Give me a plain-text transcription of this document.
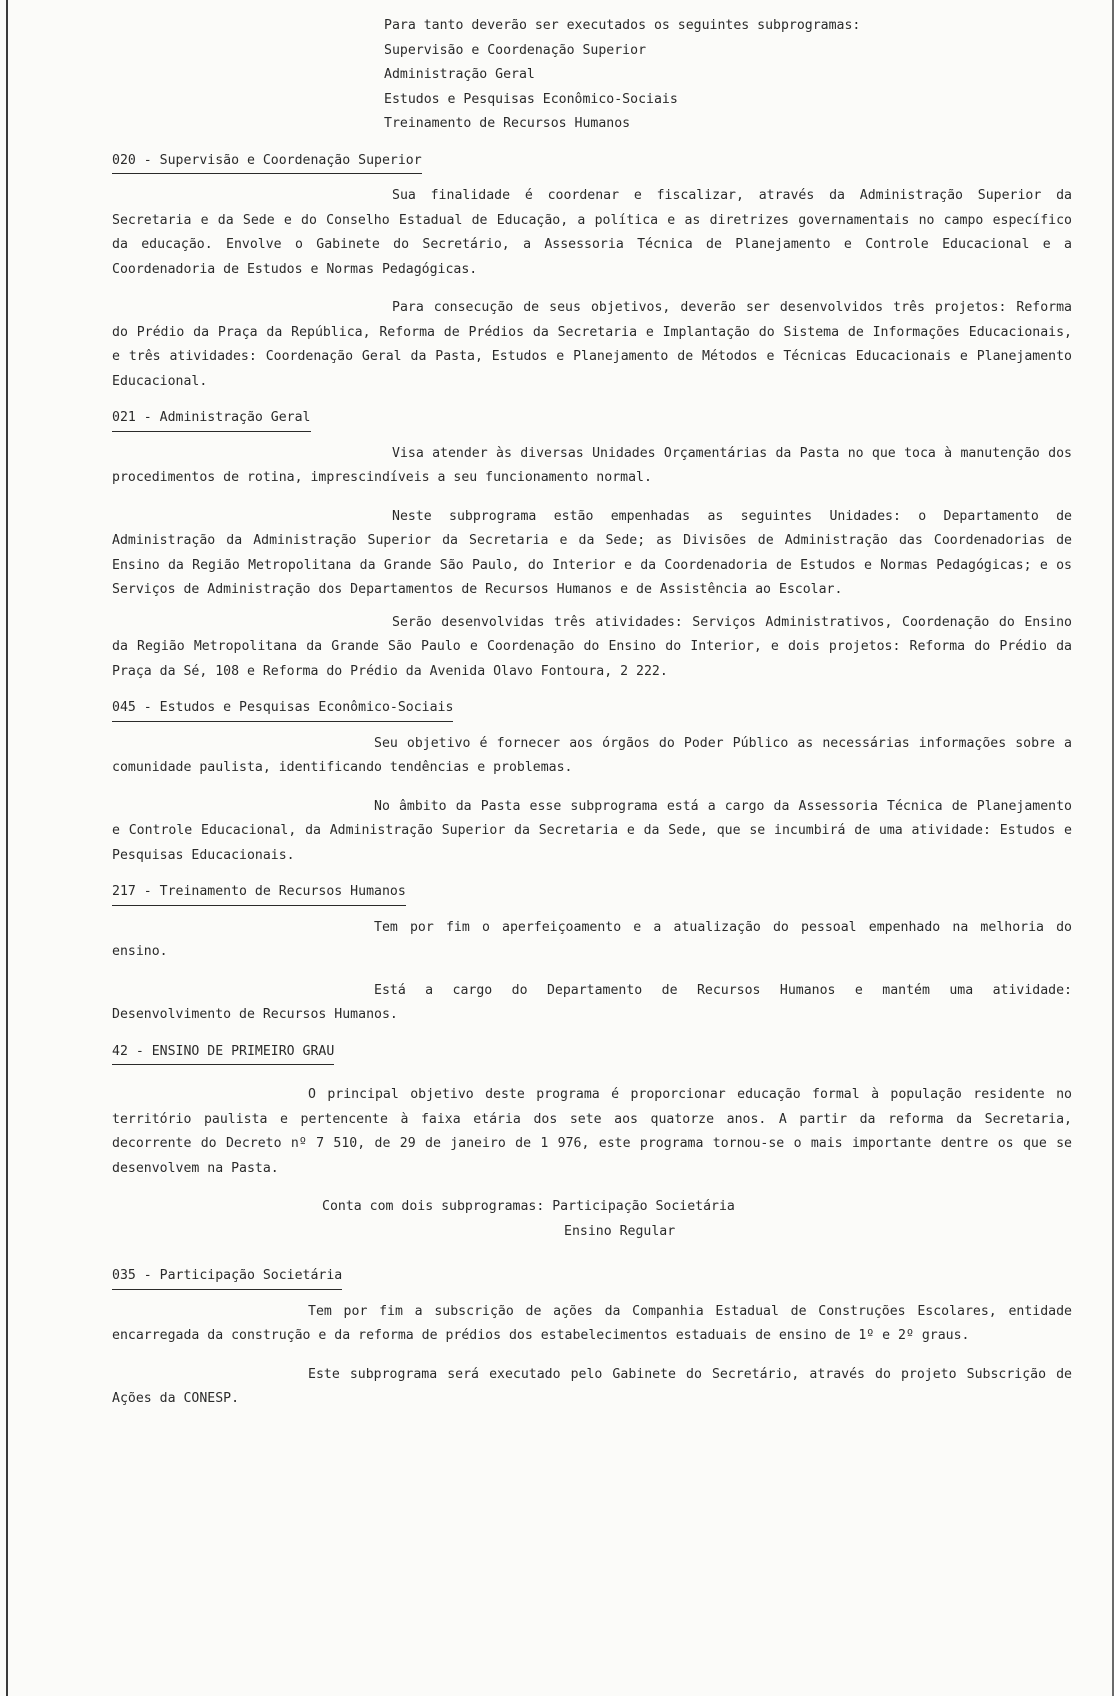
Para tanto deverão ser executados os seguintes subprogramas:
Supervisão e Coordenação Superior
Administração Geral
Estudos e Pesquisas Econômico-Sociais
Treinamento de Recursos Humanos
020 - Supervisão e Coordenação Superior

Sua finalidade é coordenar e fiscalizar, através da Administração Superior da Secretaria e da Sede e do Conselho Estadual de Educação, a política e as diretrizes governamentais no campo específico da educação. Envolve o Gabinete do Secretário, a Assessoria Técnica de Planejamento e Controle Educacional e a Coordenadoria de Estudos e Normas Pedagógicas.

Para consecução de seus objetivos, deverão ser desenvolvidos três projetos: Reforma do Prédio da Praça da República, Reforma de Prédios da Secretaria e Implantação do Sistema de Informações Educacionais, e três atividades: Coordenação Geral da Pasta, Estudos e Planejamento de Métodos e Técnicas Educacionais e Planejamento Educacional.

021 - Administração Geral

Visa atender às diversas Unidades Orçamentárias da Pasta no que toca à manutenção dos procedimentos de rotina, imprescindíveis a seu funcionamento normal.

Neste subprograma estão empenhadas as seguintes Unidades: o Departamento de Administração da Administração Superior da Secretaria e da Sede; as Divisões de Administração das Coordenadorias de Ensino da Região Metropolitana da Grande São Paulo, do Interior e da Coordenadoria de Estudos e Normas Pedagógicas; e os Serviços de Administração dos Departamentos de Recursos Humanos e de Assistência ao Escolar.

Serão desenvolvidas três atividades: Serviços Administrativos, Coordenação do Ensino da Região Metropolitana da Grande São Paulo e Coordenação do Ensino do Interior, e dois projetos: Reforma do Prédio da Praça da Sé, 108 e Reforma do Prédio da Avenida Olavo Fontoura, 2 222.

045 - Estudos e Pesquisas Econômico-Sociais

Seu objetivo é fornecer aos órgãos do Poder Público as necessárias informações sobre a comunidade paulista, identificando tendências e problemas.

No âmbito da Pasta esse subprograma está a cargo da Assessoria Técnica de Planejamento e Controle Educacional, da Administração Superior da Secretaria e da Sede, que se incumbirá de uma atividade: Estudos e Pesquisas Educacionais.

217 - Treinamento de Recursos Humanos

Tem por fim o aperfeiçoamento e a atualização do pessoal empenhado na melhoria do ensino.

Está a cargo do Departamento de Recursos Humanos e mantém uma atividade: Desenvolvimento de Recursos Humanos.

42 - ENSINO DE PRIMEIRO GRAU

O principal objetivo deste programa é proporcionar educação formal à população residente no território paulista e pertencente à faixa etária dos sete aos quatorze anos. A partir da reforma da Secretaria, decorrente do Decreto nº 7 510, de 29 de janeiro de 1 976, este programa tornou-se o mais importante dentre os que se desenvolvem na Pasta.

Conta com dois subprogramas: Participação Societária
Ensino Regular
035 - Participação Societária

Tem por fim a subscrição de ações da Companhia Estadual de Construções Escolares, entidade encarregada da construção e da reforma de prédios dos estabelecimentos estaduais de ensino de 1º e 2º graus.

Este subprograma será executado pelo Gabinete do Secretário, através do projeto Subscrição de Ações da CONESP.
